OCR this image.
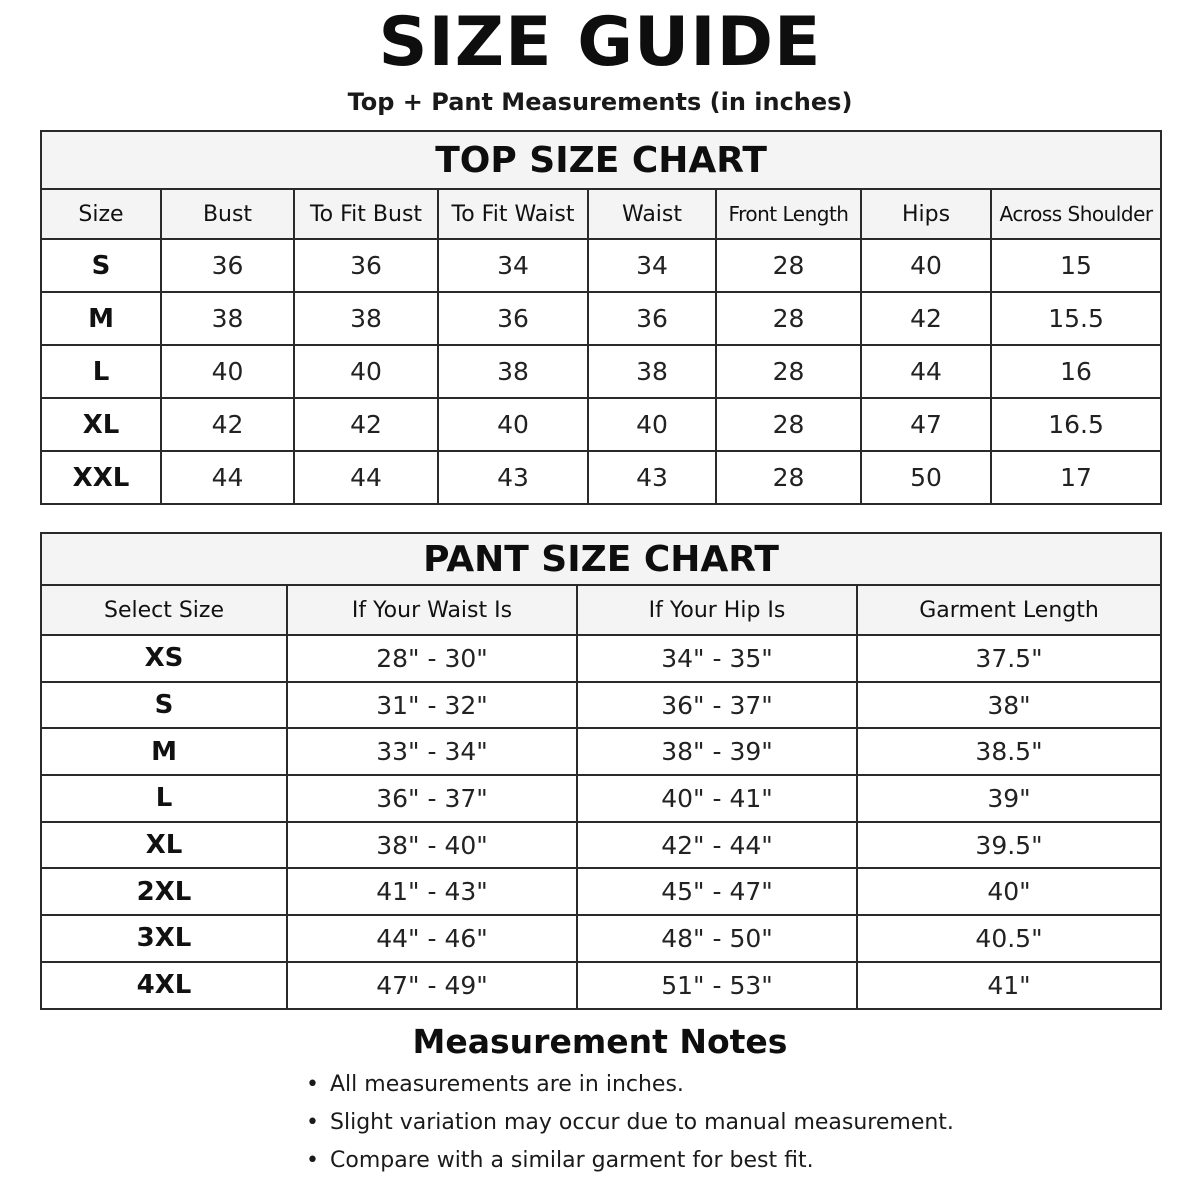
SIZE GUIDE
Top + Pant Measurements (in inches)
TOP SIZE CHART							
Size	Bust	To Fit Bust	To Fit Waist	Waist	Front Length	Hips	Across Shoulder
S	36	36	34	34	28	40	15
M	38	38	36	36	28	42	15.5
L	40	40	38	38	28	44	16
XL	42	42	40	40	28	47	16.5
XXL	44	44	43	43	28	50	17
PANT SIZE CHART			
Select Size	If Your Waist Is	If Your Hip Is	Garment Length
XS	28" - 30"	34" - 35"	37.5"
S	31" - 32"	36" - 37"	38"
M	33" - 34"	38" - 39"	38.5"
L	36" - 37"	40" - 41"	39"
XL	38" - 40"	42" - 44"	39.5"
2XL	41" - 43"	45" - 47"	40"
3XL	44" - 46"	48" - 50"	40.5"
4XL	47" - 49"	51" - 53"	41"
Measurement Notes
• All measurements are in inches.
• Slight variation may occur due to manual measurement.
• Compare with a similar garment for best fit.
